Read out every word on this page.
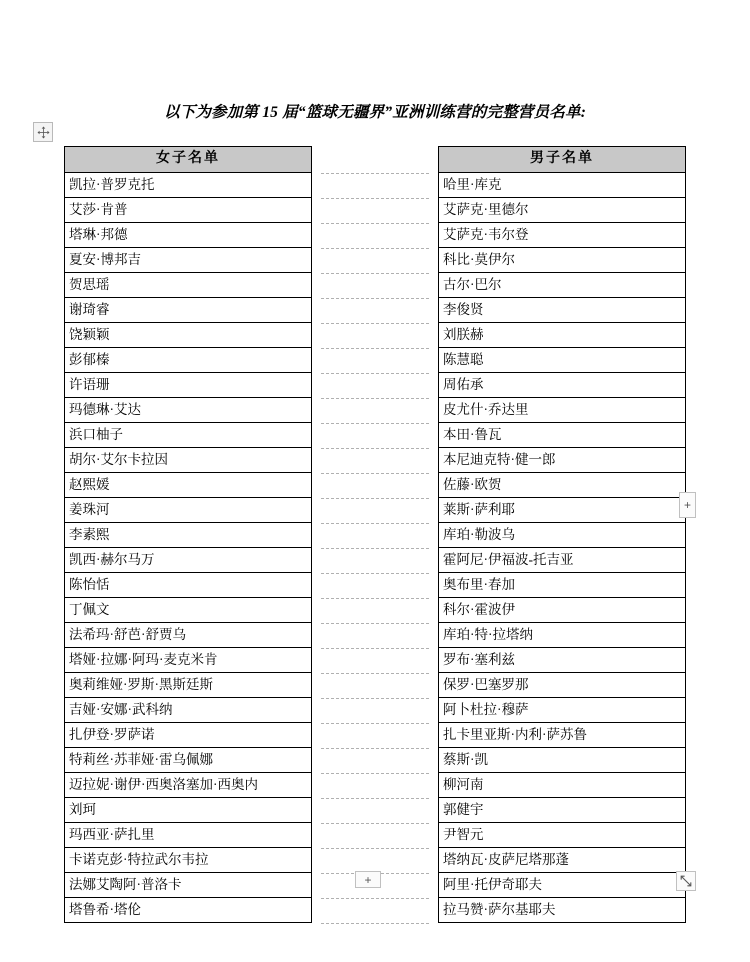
以下为参加第 15 届“篮球无疆界”亚洲训练营的完整营员名单:
女子名单
凯拉·普罗克托
艾莎·肯普
塔琳·邦德
夏安·博邦吉
贺思瑶
谢琦睿
饶颖颖
彭郁榛
许语珊
玛德琳·艾达
浜口柚子
胡尔·艾尔卡拉因
赵熙媛
姜珠河
李素熙
凯西·赫尔马万
陈怡恬
丁佩文
法希玛·舒芭·舒贾乌
塔娅·拉娜·阿玛·麦克米肯
奥莉维娅·罗斯·黑斯廷斯
吉娅·安娜·武科纳
扎伊登·罗萨诺
特莉丝·苏菲娅·雷乌佩娜
迈拉妮·谢伊·西奥洛塞加·西奥内
刘珂
玛西亚·萨扎里
卡诺克彭·特拉武尔韦拉
法娜艾陶阿·普洛卡
塔鲁希·塔伦
男子名单
哈里·库克
艾萨克·里德尔
艾萨克·韦尔登
科比·莫伊尔
古尔·巴尔
李俊贤
刘朕赫
陈慧聪
周佑承
皮尤什·乔达里
本田·鲁瓦
本尼迪克特·健一郎
佐藤·欧贺
莱斯·萨利耶
库珀·勒波乌
霍阿尼·伊福波-托吉亚
奥布里·春加
科尔·霍波伊
库珀·特·拉塔纳
罗布·塞利兹
保罗·巴塞罗那
阿卜杜拉·穆萨
扎卡里亚斯·内利·萨苏鲁
蔡斯·凯
柳河南
郭健宇
尹智元
塔纳瓦·皮萨尼塔那蓬
阿里·托伊奇耶夫
拉马赞·萨尔基耶夫
+
+
